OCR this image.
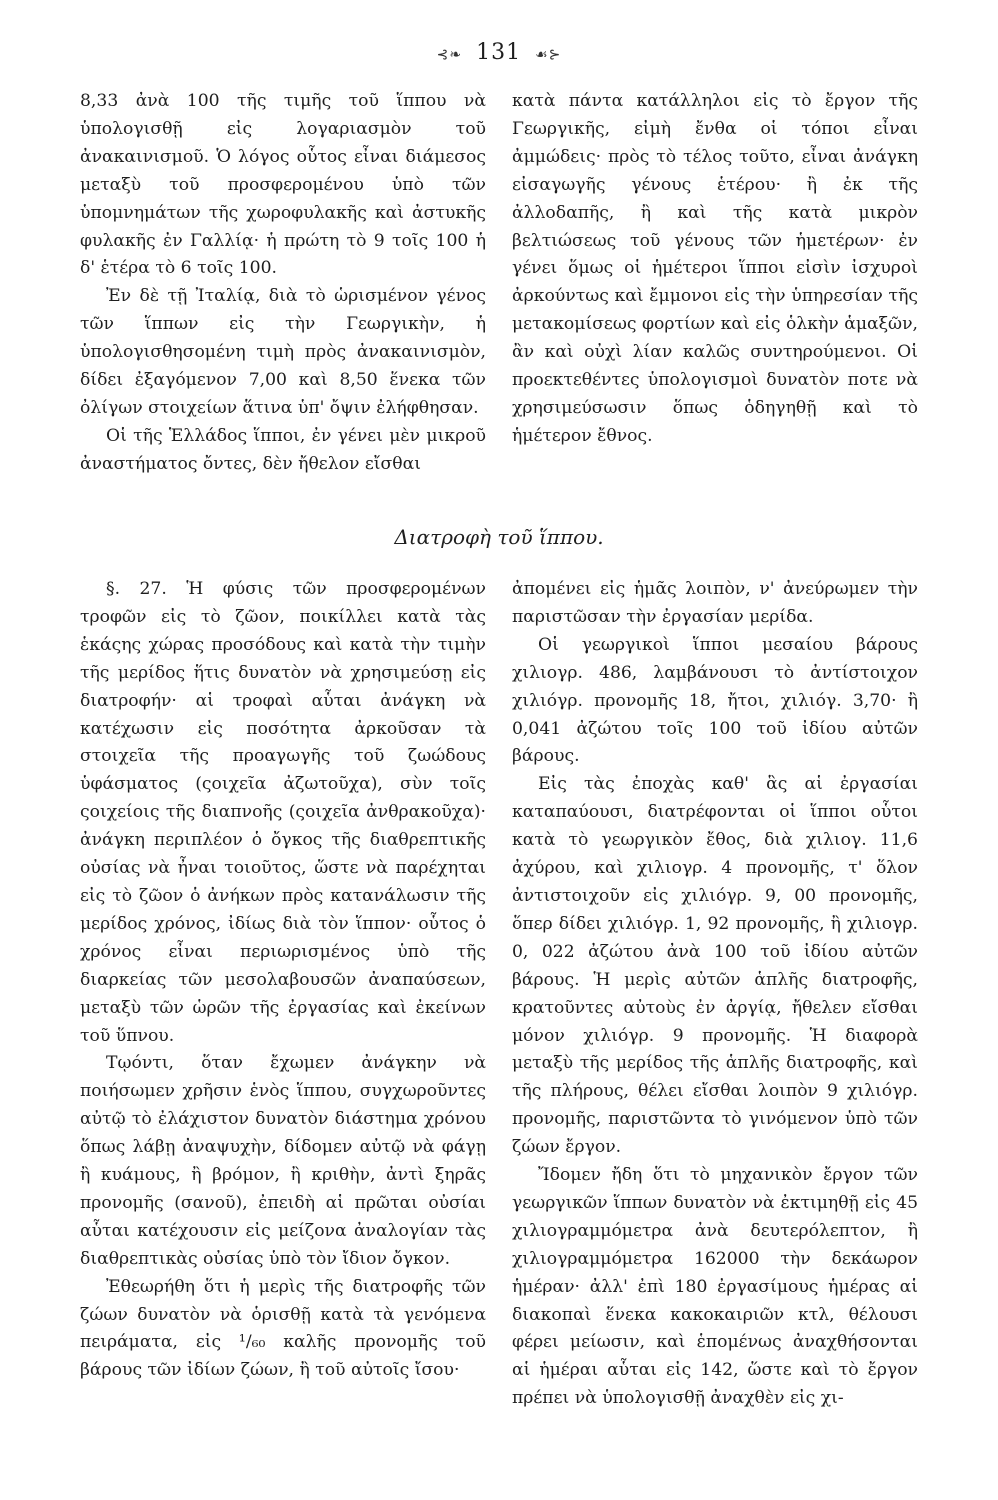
⊰❧ 131 ☙⊱

8,33 ἀνὰ 100 τῆς τιμῆς τοῦ ἵππου νὰ ὑπολογισθῇ εἰς λογαριασμὸν τοῦ ἀνακαινισμοῦ. Ὁ λόγος οὗτος εἶναι διάμεσος μεταξὺ τοῦ προσφερομένου ὑπὸ τῶν ὑπομνημάτων τῆς χωροφυλακῆς καὶ ἀστυκῆς φυλακῆς ἐν Γαλλίᾳ· ἡ πρώτη τὸ 9 τοῖς 100 ἡ δ' ἑτέρα τὸ 6 τοῖς 100.

Ἐν δὲ τῇ Ἰταλίᾳ, διὰ τὸ ὡρισμένον γένος τῶν ἵππων εἰς τὴν Γεωργικὴν, ἡ ὑπολογισθησομένη τιμὴ πρὸς ἀνακαινισμὸν, δίδει ἐξαγόμενον 7,00 καὶ 8,50 ἕνεκα τῶν ὀλίγων στοιχείων ἅτινα ὑπ' ὄψιν ἐλήφθησαν.

Οἱ τῆς Ἑλλάδος ἵπποι, ἐν γένει μὲν μικροῦ ἀναστήματος ὄντες, δὲν ἤθελον εἴσθαι

κατὰ πάντα κατάλληλοι εἰς τὸ ἔργον τῆς Γεωργικῆς, εἰμὴ ἔνθα οἱ τόποι εἶναι ἀμμώδεις· πρὸς τὸ τέλος τοῦτο, εἶναι ἀνάγκη εἰσαγωγῆς γένους ἑτέρου· ἢ ἐκ τῆς ἀλλοδαπῆς, ἢ καὶ τῆς κατὰ μικρὸν βελτιώσεως τοῦ γένους τῶν ἡμετέρων· ἐν γένει ὅμως οἱ ἡμέτεροι ἵπποι εἰσὶν ἰσχυροὶ ἀρκούντως καὶ ἔμμονοι εἰς τὴν ὑπηρεσίαν τῆς μετακομίσεως φορτίων καὶ εἰς ὁλκὴν ἁμαξῶν, ἂν καὶ οὐχὶ λίαν καλῶς συντηρούμενοι. Οἱ προεκτεθέντες ὑπολογισμοὶ δυνατὸν ποτε νὰ χρησιμεύσωσιν ὅπως ὁδηγηθῇ καὶ τὸ ἡμέτερον ἔθνος.

Διατροφὴ τοῦ ἵππου.

§. 27. Ἡ φύσις τῶν προσφερομένων τροφῶν εἰς τὸ ζῶον, ποικίλλει κατὰ τὰς ἑκάςης χώρας προσόδους καὶ κατὰ τὴν τιμὴν τῆς μερίδος ἥτις δυνατὸν νὰ χρησιμεύσῃ εἰς διατροφήν· αἱ τροφαὶ αὗται ἀνάγκη νὰ κατέχωσιν εἰς ποσότητα ἀρκοῦσαν τὰ στοιχεῖα τῆς προαγωγῆς τοῦ ζωώδους ὑφάσματος (ςοιχεῖα ἀζωτοῦχα), σὺν τοῖς ςοιχείοις τῆς διαπνοῆς (ςοιχεῖα ἀνθρακοῦχα)· ἀνάγκη περιπλέον ὁ ὄγκος τῆς διαθρεπτικῆς οὐσίας νὰ ἦναι τοιοῦτος, ὥστε νὰ παρέχηται εἰς τὸ ζῶον ὁ ἀνήκων πρὸς κατανάλωσιν τῆς μερίδος χρόνος, ἰδίως διὰ τὸν ἵππον· οὗτος ὁ χρόνος εἶναι περιωρισμένος ὑπὸ τῆς διαρκείας τῶν μεσολαβουσῶν ἀναπαύσεων, μεταξὺ τῶν ὡρῶν τῆς ἐργασίας καὶ ἐκείνων τοῦ ὕπνου.

Τῳόντι, ὅταν ἔχωμεν ἀνάγκην νὰ ποιήσωμεν χρῆσιν ἑνὸς ἵππου, συγχωροῦντες αὐτῷ τὸ ἐλάχιστον δυνατὸν διάστημα χρόνου ὅπως λάβῃ ἀναψυχὴν, δίδομεν αὐτῷ νὰ φάγῃ ἢ κυάμους, ἢ βρόμον, ἢ κριθὴν, ἀντὶ ξηρᾶς προνομῆς (σανοῦ), ἐπειδὴ αἱ πρῶται οὐσίαι αὗται κατέχουσιν εἰς μείζονα ἀναλογίαν τὰς διαθρεπτικὰς οὐσίας ὑπὸ τὸν ἴδιον ὄγκον.

Ἐθεωρήθη ὅτι ἡ μερὶς τῆς διατροφῆς τῶν ζώων δυνατὸν νὰ ὁρισθῇ κατὰ τὰ γενόμενα πειράματα, εἰς ¹/₆₀ καλῆς προνομῆς τοῦ βάρους τῶν ἰδίων ζώων, ἢ τοῦ αὐτοῖς ἴσου·

ἀπομένει εἰς ἡμᾶς λοιπὸν, ν' ἀνεύρωμεν τὴν παριστῶσαν τὴν ἐργασίαν μερίδα.

Οἱ γεωργικοὶ ἵπποι μεσαίου βάρους χιλιογρ. 486, λαμβάνουσι τὸ ἀντίστοιχον χιλιόγρ. προνομῆς 18, ἤτοι, χιλιόγ. 3,70· ἢ 0,041 ἀζώτου τοῖς 100 τοῦ ἰδίου αὐτῶν βάρους.

Εἰς τὰς ἐποχὰς καθ' ἃς αἱ ἐργασίαι καταπαύουσι, διατρέφονται οἱ ἵπποι οὗτοι κατὰ τὸ γεωργικὸν ἔθος, διὰ χιλιογ. 11,6 ἀχύρου, καὶ χιλιογρ. 4 προνομῆς, τ' ὅλον ἀντιστοιχοῦν εἰς χιλιόγρ. 9, 00 προνομῆς, ὅπερ δίδει χιλιόγρ. 1, 92 προνομῆς, ἢ χιλιογρ. 0, 022 ἀζώτου ἀνὰ 100 τοῦ ἰδίου αὐτῶν βάρους. Ἡ μερὶς αὐτῶν ἁπλῆς διατροφῆς, κρατοῦντες αὐτοὺς ἐν ἀργίᾳ, ἤθελεν εἴσθαι μόνον χιλιόγρ. 9 προνομῆς. Ἡ διαφορὰ μεταξὺ τῆς μερίδος τῆς ἁπλῆς διατροφῆς, καὶ τῆς πλήρους, θέλει εἴσθαι λοιπὸν 9 χιλιόγρ. προνομῆς, παριστῶντα τὸ γινόμενον ὑπὸ τῶν ζώων ἔργον.

Ἴδομεν ἤδη ὅτι τὸ μηχανικὸν ἔργον τῶν γεωργικῶν ἵππων δυνατὸν νὰ ἐκτιμηθῇ εἰς 45 χιλιογραμμόμετρα ἀνὰ δευτερόλεπτον, ἢ χιλιογραμμόμετρα 162000 τὴν δεκάωρον ἡμέραν· ἀλλ' ἐπὶ 180 ἐργασίμους ἡμέρας αἱ διακοπαὶ ἕνεκα κακοκαιριῶν κτλ, θέλουσι φέρει μείωσιν, καὶ ἑπομένως ἀναχθήσονται αἱ ἡμέραι αὗται εἰς 142, ὥστε καὶ τὸ ἔργον πρέπει νὰ ὑπολογισθῇ ἀναχθὲν εἰς χι-
